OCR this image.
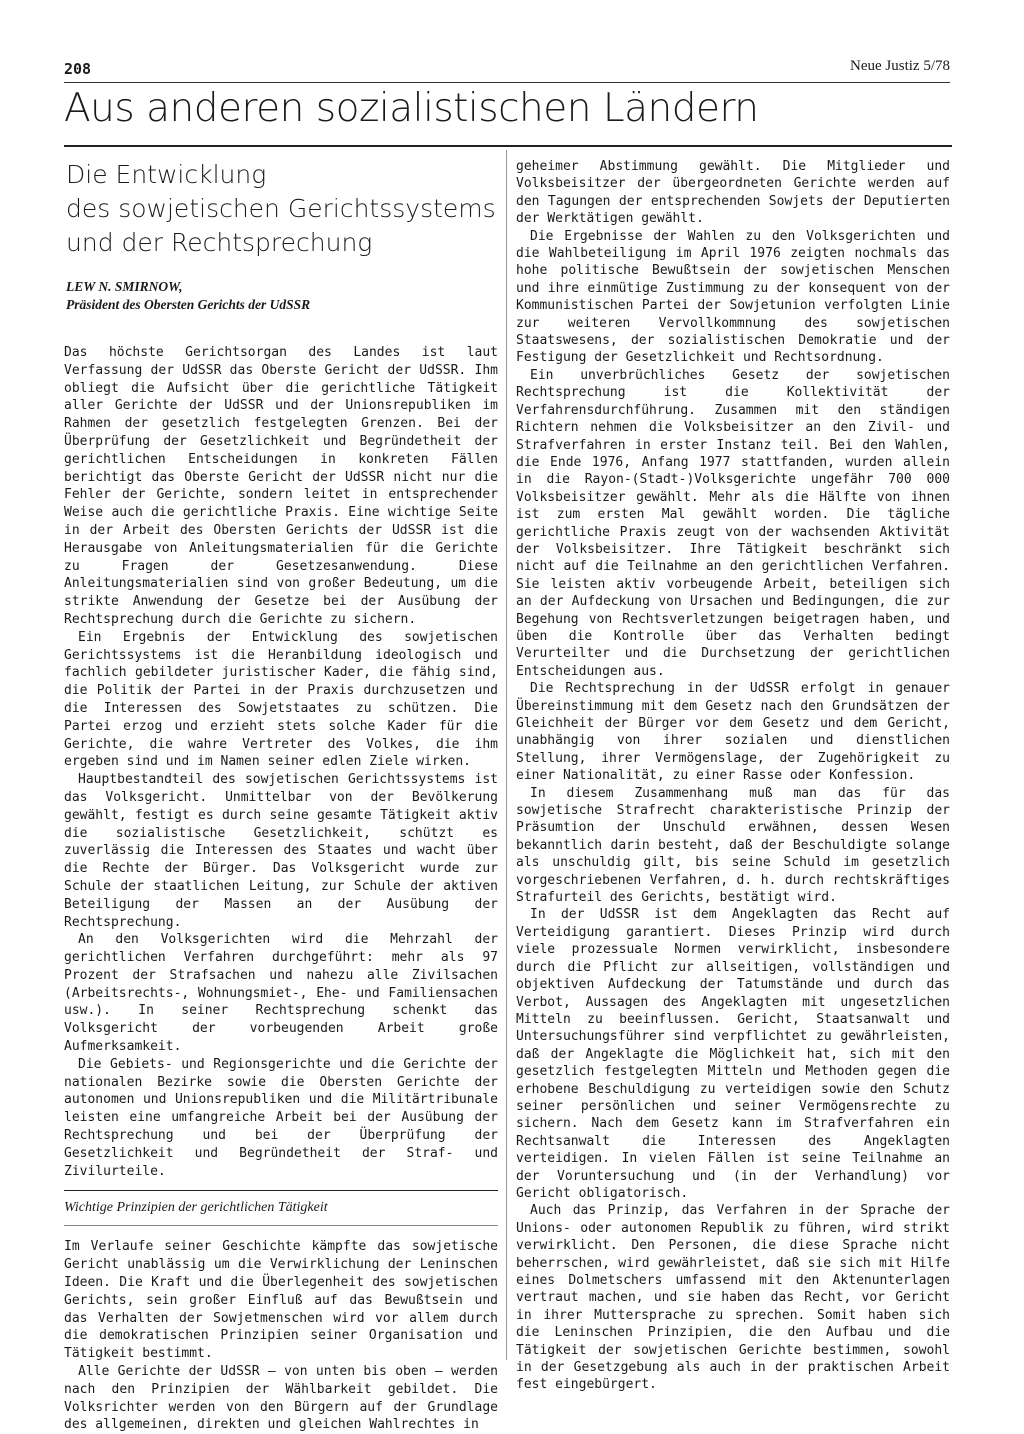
208	Neue Justiz 5/78
Aus anderen sozialistischen Ländern
Die Entwicklung
des sowjetischen Gerichtssystems
und der Rechtsprechung
LEW N. SMIRNOW,
Präsident des Obersten Gerichts der UdSSR

Das höchste Gerichtsorgan des Landes ist laut Verfassung der UdSSR das Oberste Gericht der UdSSR. Ihm obliegt die Aufsicht über die gerichtliche Tätigkeit aller Gerichte der UdSSR und der Unionsrepubliken im Rahmen der gesetzlich festgelegten Grenzen. Bei der Überprüfung der Gesetzlichkeit und Begründetheit der gerichtlichen Entscheidungen in konkreten Fällen berichtigt das Oberste Gericht der UdSSR nicht nur die Fehler der Gerichte, sondern leitet in entsprechender Weise auch die gerichtliche Praxis. Eine wichtige Seite in der Arbeit des Obersten Gerichts der UdSSR ist die Herausgabe von Anleitungsmaterialien für die Gerichte zu Fragen der Gesetzesanwendung. Diese Anleitungsmaterialien sind von großer Bedeutung, um die strikte Anwendung der Gesetze bei der Ausübung der Rechtsprechung durch die Gerichte zu sichern.

Ein Ergebnis der Entwicklung des sowjetischen Gerichtssystems ist die Heranbildung ideologisch und fachlich gebildeter juristischer Kader, die fähig sind, die Politik der Partei in der Praxis durchzusetzen und die Interessen des Sowjetstaates zu schützen. Die Partei erzog und erzieht stets solche Kader für die Gerichte, die wahre Vertreter des Volkes, die ihm ergeben sind und im Namen seiner edlen Ziele wirken.

Hauptbestandteil des sowjetischen Gerichtssystems ist das Volksgericht. Unmittelbar von der Bevölkerung gewählt, festigt es durch seine gesamte Tätigkeit aktiv die sozialistische Gesetzlichkeit, schützt es zuverlässig die Interessen des Staates und wacht über die Rechte der Bürger. Das Volksgericht wurde zur Schule der staatlichen Leitung, zur Schule der aktiven Beteiligung der Massen an der Ausübung der Rechtsprechung.

An den Volksgerichten wird die Mehrzahl der gerichtlichen Verfahren durchgeführt: mehr als 97 Prozent der Strafsachen und nahezu alle Zivilsachen (Arbeitsrechts-, Wohnungsmiet-, Ehe- und Familiensachen usw.). In seiner Rechtsprechung schenkt das Volksgericht der vorbeugenden Arbeit große Aufmerksamkeit.

Die Gebiets- und Regionsgerichte und die Gerichte der nationalen Bezirke sowie die Obersten Gerichte der autonomen und Unionsrepubliken und die Militärtribunale leisten eine umfangreiche Arbeit bei der Ausübung der Rechtsprechung und bei der Überprüfung der Gesetzlichkeit und Begründetheit der Straf- und Zivilurteile.

Wichtige Prinzipien der gerichtlichen Tätigkeit

Im Verlaufe seiner Geschichte kämpfte das sowjetische Gericht unablässig um die Verwirklichung der Leninschen Ideen. Die Kraft und die Überlegenheit des sowjetischen Gerichts, sein großer Einfluß auf das Bewußtsein und das Verhalten der Sowjetmenschen wird vor allem durch die demokratischen Prinzipien seiner Organisation und Tätigkeit bestimmt.

Alle Gerichte der UdSSR — von unten bis oben — werden nach den Prinzipien der Wählbarkeit gebildet. Die Volksrichter werden von den Bürgern auf der Grundlage des allgemeinen, direkten und gleichen Wahlrechtes in

geheimer Abstimmung gewählt. Die Mitglieder und Volksbeisitzer der übergeordneten Gerichte werden auf den Tagungen der entsprechenden Sowjets der Deputierten der Werktätigen gewählt.

Die Ergebnisse der Wahlen zu den Volksgerichten und die Wahlbeteiligung im April 1976 zeigten nochmals das hohe politische Bewußtsein der sowjetischen Menschen und ihre einmütige Zustimmung zu der konsequent von der Kommunistischen Partei der Sowjetunion verfolgten Linie zur weiteren Vervollkommnung des sowjetischen Staatswesens, der sozialistischen Demokratie und der Festigung der Gesetzlichkeit und Rechtsordnung.

Ein unverbrüchliches Gesetz der sowjetischen Rechtsprechung ist die Kollektivität der Verfahrensdurchführung. Zusammen mit den ständigen Richtern nehmen die Volksbeisitzer an den Zivil- und Strafverfahren in erster Instanz teil. Bei den Wahlen, die Ende 1976, Anfang 1977 stattfanden, wurden allein in die Rayon-(Stadt-)Volksgerichte ungefähr 700 000 Volksbeisitzer gewählt. Mehr als die Hälfte von ihnen ist zum ersten Mal gewählt worden. Die tägliche gerichtliche Praxis zeugt von der wachsenden Aktivität der Volksbeisitzer. Ihre Tätigkeit beschränkt sich nicht auf die Teilnahme an den gerichtlichen Verfahren. Sie leisten aktiv vorbeugende Arbeit, beteiligen sich an der Aufdeckung von Ursachen und Bedingungen, die zur Begehung von Rechtsverletzungen beigetragen haben, und üben die Kontrolle über das Verhalten bedingt Verurteilter und die Durchsetzung der gerichtlichen Entscheidungen aus.

Die Rechtsprechung in der UdSSR erfolgt in genauer Übereinstimmung mit dem Gesetz nach den Grundsätzen der Gleichheit der Bürger vor dem Gesetz und dem Gericht, unabhängig von ihrer sozialen und dienstlichen Stellung, ihrer Vermögenslage, der Zugehörigkeit zu einer Nationalität, zu einer Rasse oder Konfession.

In diesem Zusammenhang muß man das für das sowjetische Strafrecht charakteristische Prinzip der Präsumtion der Unschuld erwähnen, dessen Wesen bekanntlich darin besteht, daß der Beschuldigte solange als unschuldig gilt, bis seine Schuld im gesetzlich vorgeschriebenen Verfahren, d. h. durch rechtskräftiges Strafurteil des Gerichts, bestätigt wird.

In der UdSSR ist dem Angeklagten das Recht auf Verteidigung garantiert. Dieses Prinzip wird durch viele prozessuale Normen verwirklicht, insbesondere durch die Pflicht zur allseitigen, vollständigen und objektiven Aufdeckung der Tatumstände und durch das Verbot, Aussagen des Angeklagten mit ungesetzlichen Mitteln zu beeinflussen. Gericht, Staatsanwalt und Untersuchungsführer sind verpflichtet zu gewährleisten, daß der Angeklagte die Möglichkeit hat, sich mit den gesetzlich festgelegten Mitteln und Methoden gegen die erhobene Beschuldigung zu verteidigen sowie den Schutz seiner persönlichen und seiner Vermögensrechte zu sichern. Nach dem Gesetz kann im Strafverfahren ein Rechtsanwalt die Interessen des Angeklagten verteidigen. In vielen Fällen ist seine Teilnahme an der Voruntersuchung und (in der Verhandlung) vor Gericht obligatorisch.

Auch das Prinzip, das Verfahren in der Sprache der Unions- oder autonomen Republik zu führen, wird strikt verwirklicht. Den Personen, die diese Sprache nicht beherrschen, wird gewährleistet, daß sie sich mit Hilfe eines Dolmetschers umfassend mit den Aktenunterlagen vertraut machen, und sie haben das Recht, vor Gericht in ihrer Muttersprache zu sprechen. Somit haben sich die Leninschen Prinzipien, die den Aufbau und die Tätigkeit der sowjetischen Gerichte bestimmen, sowohl in der Gesetzgebung als auch in der praktischen Arbeit fest eingebürgert.
